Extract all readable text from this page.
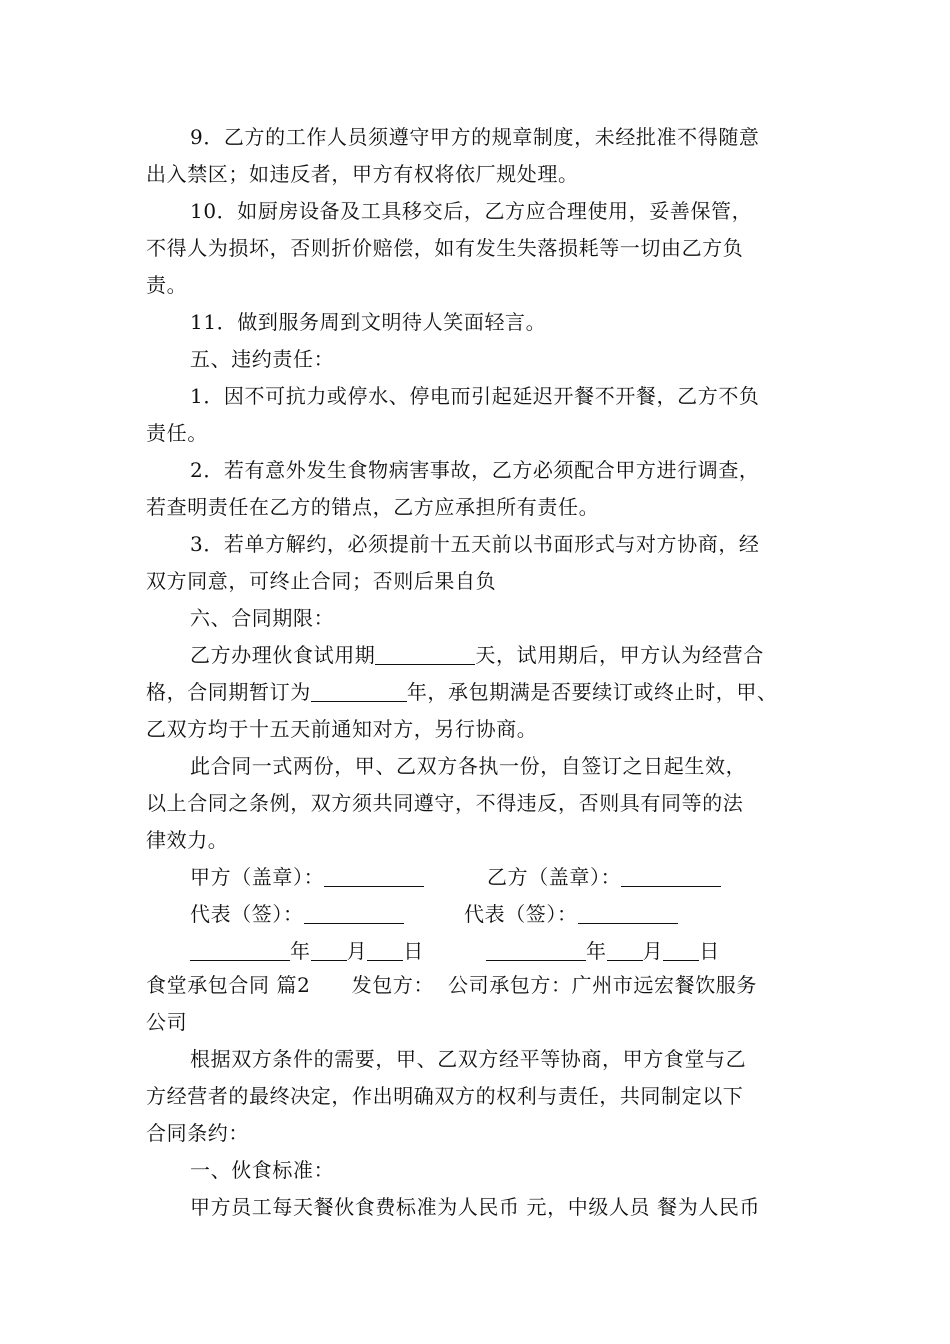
9．乙方的工作人员须遵守甲方的规章制度，未经批准不得随意
出入禁区；如违反者，甲方有权将依厂规处理。
10．如厨房设备及工具移交后，乙方应合理使用，妥善保管，
不得人为损坏，否则折价赔偿，如有发生失落损耗等一切由乙方负
责。
11．做到服务周到文明待人笑面轻言。
五、违约责任：
1．因不可抗力或停水、停电而引起延迟开餐不开餐，乙方不负
责任。
2．若有意外发生食物病害事故，乙方必须配合甲方进行调查，
若查明责任在乙方的错点，乙方应承担所有责任。
3．若单方解约，必须提前十五天前以书面形式与对方协商，经
双方同意，可终止合同；否则后果自负
六、合同期限：
乙方办理伙食试用期	天，试用期后，甲方认为经营合
格，合同期暂订为	年，承包期满是否要续订或终止时，甲、
乙双方均于十五天前通知对方，另行协商。
此合同一式两份，甲、乙双方各执一份，自签订之日起生效，
以上合同之条例，双方须共同遵守，不得违反，否则具有同等的法
律效力。
甲方（盖章）：	乙方（盖章）：
代表（签）：	代表（签）：
年 月 日	年 月 日
食堂承包合同 篇2　　发包方：  公司承包方：广州市远宏餐饮服务
公司
根据双方条件的需要，甲、乙双方经平等协商，甲方食堂与乙
方经营者的最终决定，作出明确双方的权利与责任，共同制定以下
合同条约：
一、伙食标准：
甲方员工每天餐伙食费标准为人民币 元，中级人员 餐为人民币
